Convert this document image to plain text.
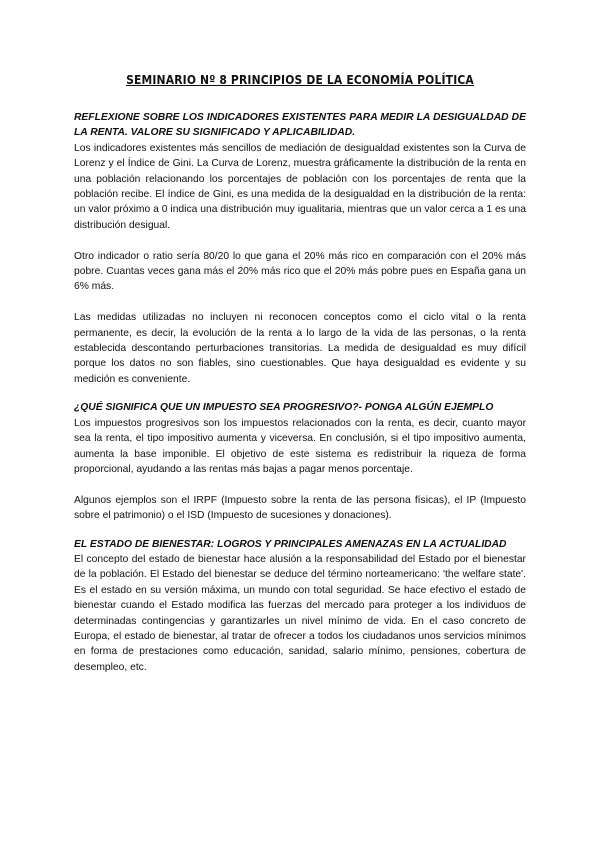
SEMINARIO Nº 8 PRINCIPIOS DE LA ECONOMÍA POLÍTICA
REFLEXIONE SOBRE LOS INDICADORES EXISTENTES PARA MEDIR LA DESIGUALDAD DE LA RENTA. VALORE SU SIGNIFICADO Y APLICABILIDAD.
Los indicadores existentes más sencillos de mediación de desigualdad existentes son la Curva de Lorenz y el Índice de Gini. La Curva de Lorenz, muestra gráficamente la distribución de la renta en una población relacionando los porcentajes de población con los porcentajes de renta que la población recibe. El índice de Gini, es una medida de la desigualdad en la distribución de la renta: un valor próximo a 0 indica una distribución muy igualitaria, mientras que un valor cerca a 1 es una distribución desigual.
Otro indicador o ratio sería 80/20 lo que gana el 20% más rico en comparación con el 20% más pobre. Cuantas veces gana más el 20% más rico que el 20% más pobre pues en España gana un 6% más.
Las medidas utilizadas no incluyen ni reconocen conceptos como el ciclo vital o la renta permanente, es decir, la evolución de la renta a lo largo de la vida de las personas, o la renta establecida descontando perturbaciones transitorias. La medida de desigualdad es muy difícil porque los datos no son fiables, sino cuestionables. Que haya desigualdad es evidente y su medición es conveniente.
¿QUÉ SIGNIFICA QUE UN IMPUESTO SEA PROGRESIVO?- PONGA ALGÚN EJEMPLO
Los impuestos progresivos son los impuestos relacionados con la renta, es decir, cuanto mayor sea la renta, el tipo impositivo aumenta y viceversa. En conclusión, si el tipo impositivo aumenta, aumenta la base imponible. El objetivo de este sistema es redistribuir la riqueza de forma proporcional, ayudando a las rentas más bajas a pagar menos porcentaje.
Algunos ejemplos son el IRPF (Impuesto sobre la renta de las persona físicas), el IP (Impuesto sobre el patrimonio) o el ISD (Impuesto de sucesiones y donaciones).
EL ESTADO DE BIENESTAR: LOGROS Y PRINCIPALES AMENAZAS EN LA ACTUALIDAD
El concepto del estado de bienestar hace alusión a la responsabilidad del Estado por el bienestar de la población. El Estado del bienestar se deduce del término norteamericano: 'the welfare state'. Es el estado en su versión máxima, un mundo con total seguridad. Se hace efectivo el estado de bienestar cuando el Estado modifica las fuerzas del mercado para proteger a los individuos de determinadas contingencias y garantizarles un nivel mínimo de vida. En el caso concreto de Europa, el estado de bienestar, al tratar de ofrecer a todos los ciudadanos unos servicios mínimos en forma de prestaciones como educación, sanidad, salario mínimo, pensiones, cobertura de desempleo, etc.
